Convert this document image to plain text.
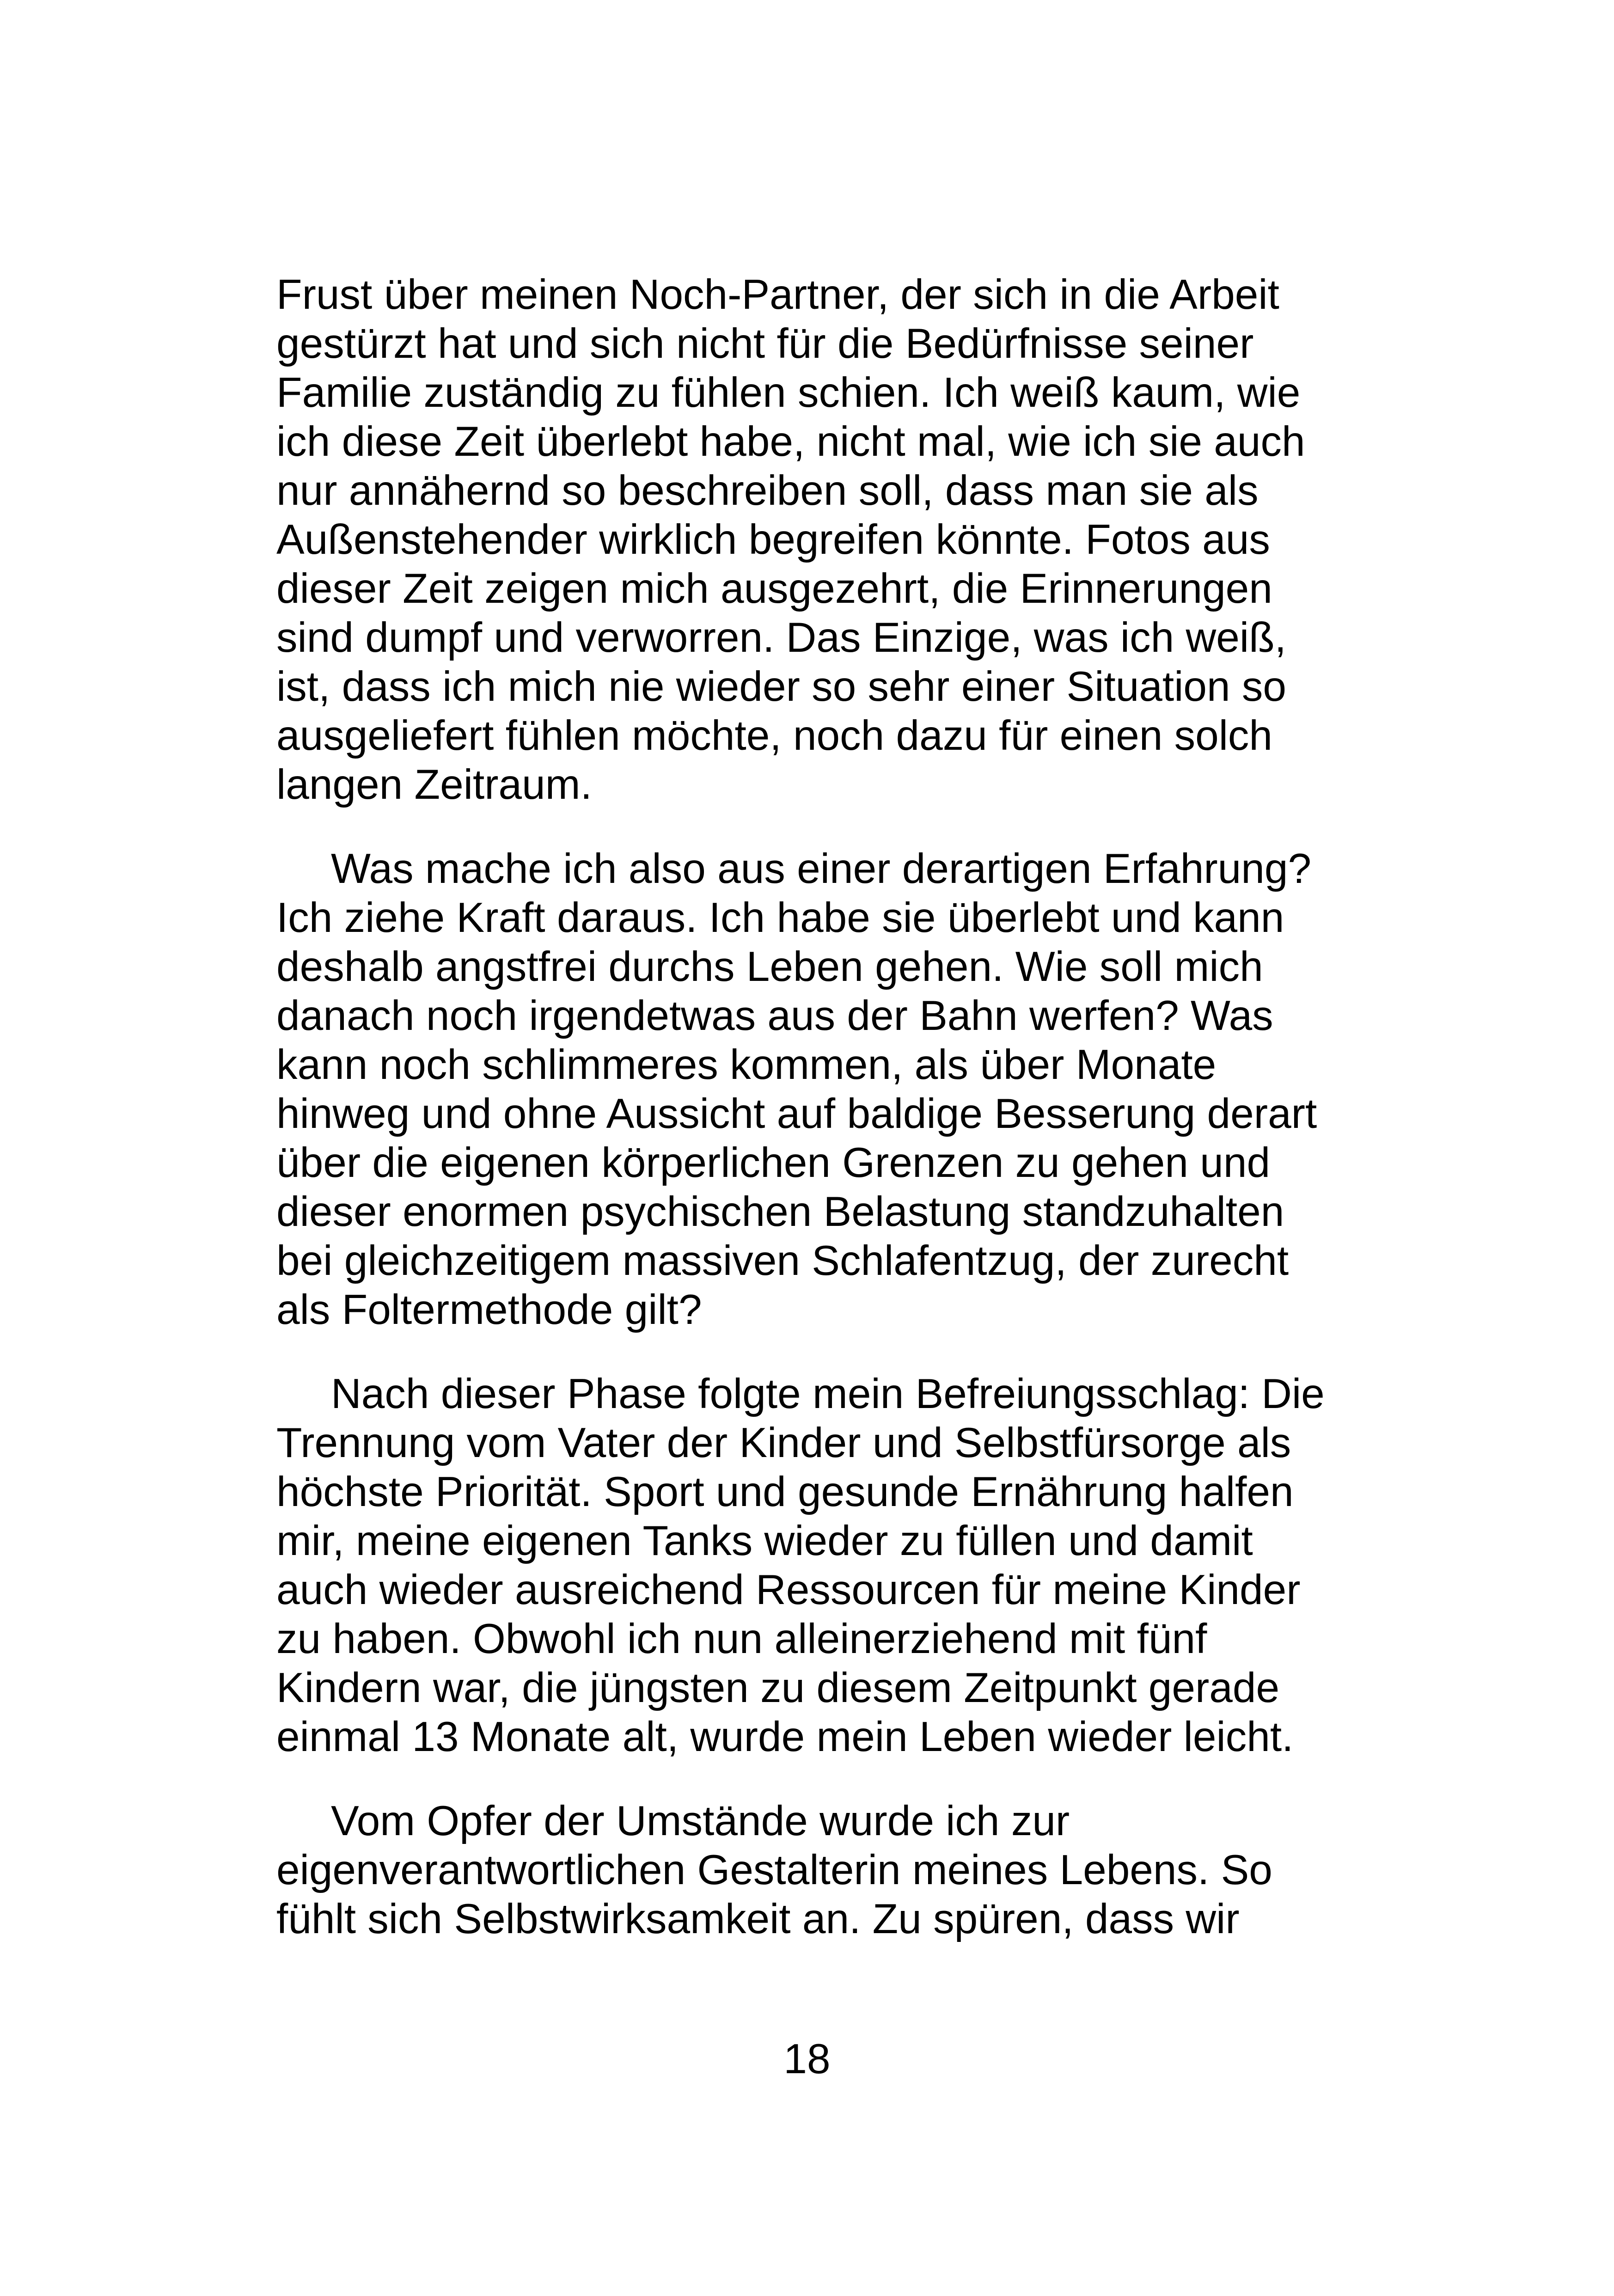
Frust über meinen Noch-Partner, der sich in die Arbeit
gestürzt hat und sich nicht für die Bedürfnisse seiner
Familie zuständig zu fühlen schien. Ich weiß kaum, wie
ich diese Zeit überlebt habe, nicht mal, wie ich sie auch
nur annähernd so beschreiben soll, dass man sie als
Außenstehender wirklich begreifen könnte. Fotos aus
dieser Zeit zeigen mich ausgezehrt, die Erinnerungen
sind dumpf und verworren. Das Einzige, was ich weiß,
ist, dass ich mich nie wieder so sehr einer Situation so
ausgeliefert fühlen möchte, noch dazu für einen solch
langen Zeitraum.

Was mache ich also aus einer derartigen Erfahrung?
Ich ziehe Kraft daraus. Ich habe sie überlebt und kann
deshalb angstfrei durchs Leben gehen. Wie soll mich
danach noch irgendetwas aus der Bahn werfen? Was
kann noch schlimmeres kommen, als über Monate
hinweg und ohne Aussicht auf baldige Besserung derart
über die eigenen körperlichen Grenzen zu gehen und
dieser enormen psychischen Belastung standzuhalten
bei gleichzeitigem massiven Schlafentzug, der zurecht
als Foltermethode gilt?

Nach dieser Phase folgte mein Befreiungsschlag: Die
Trennung vom Vater der Kinder und Selbstfürsorge als
höchste Priorität. Sport und gesunde Ernährung halfen
mir, meine eigenen Tanks wieder zu füllen und damit
auch wieder ausreichend Ressourcen für meine Kinder
zu haben. Obwohl ich nun alleinerziehend mit fünf
Kindern war, die jüngsten zu diesem Zeitpunkt gerade
einmal 13 Monate alt, wurde mein Leben wieder leicht.

Vom Opfer der Umstände wurde ich zur
eigenverantwortlichen Gestalterin meines Lebens. So
fühlt sich Selbstwirksamkeit an. Zu spüren, dass wir

18
